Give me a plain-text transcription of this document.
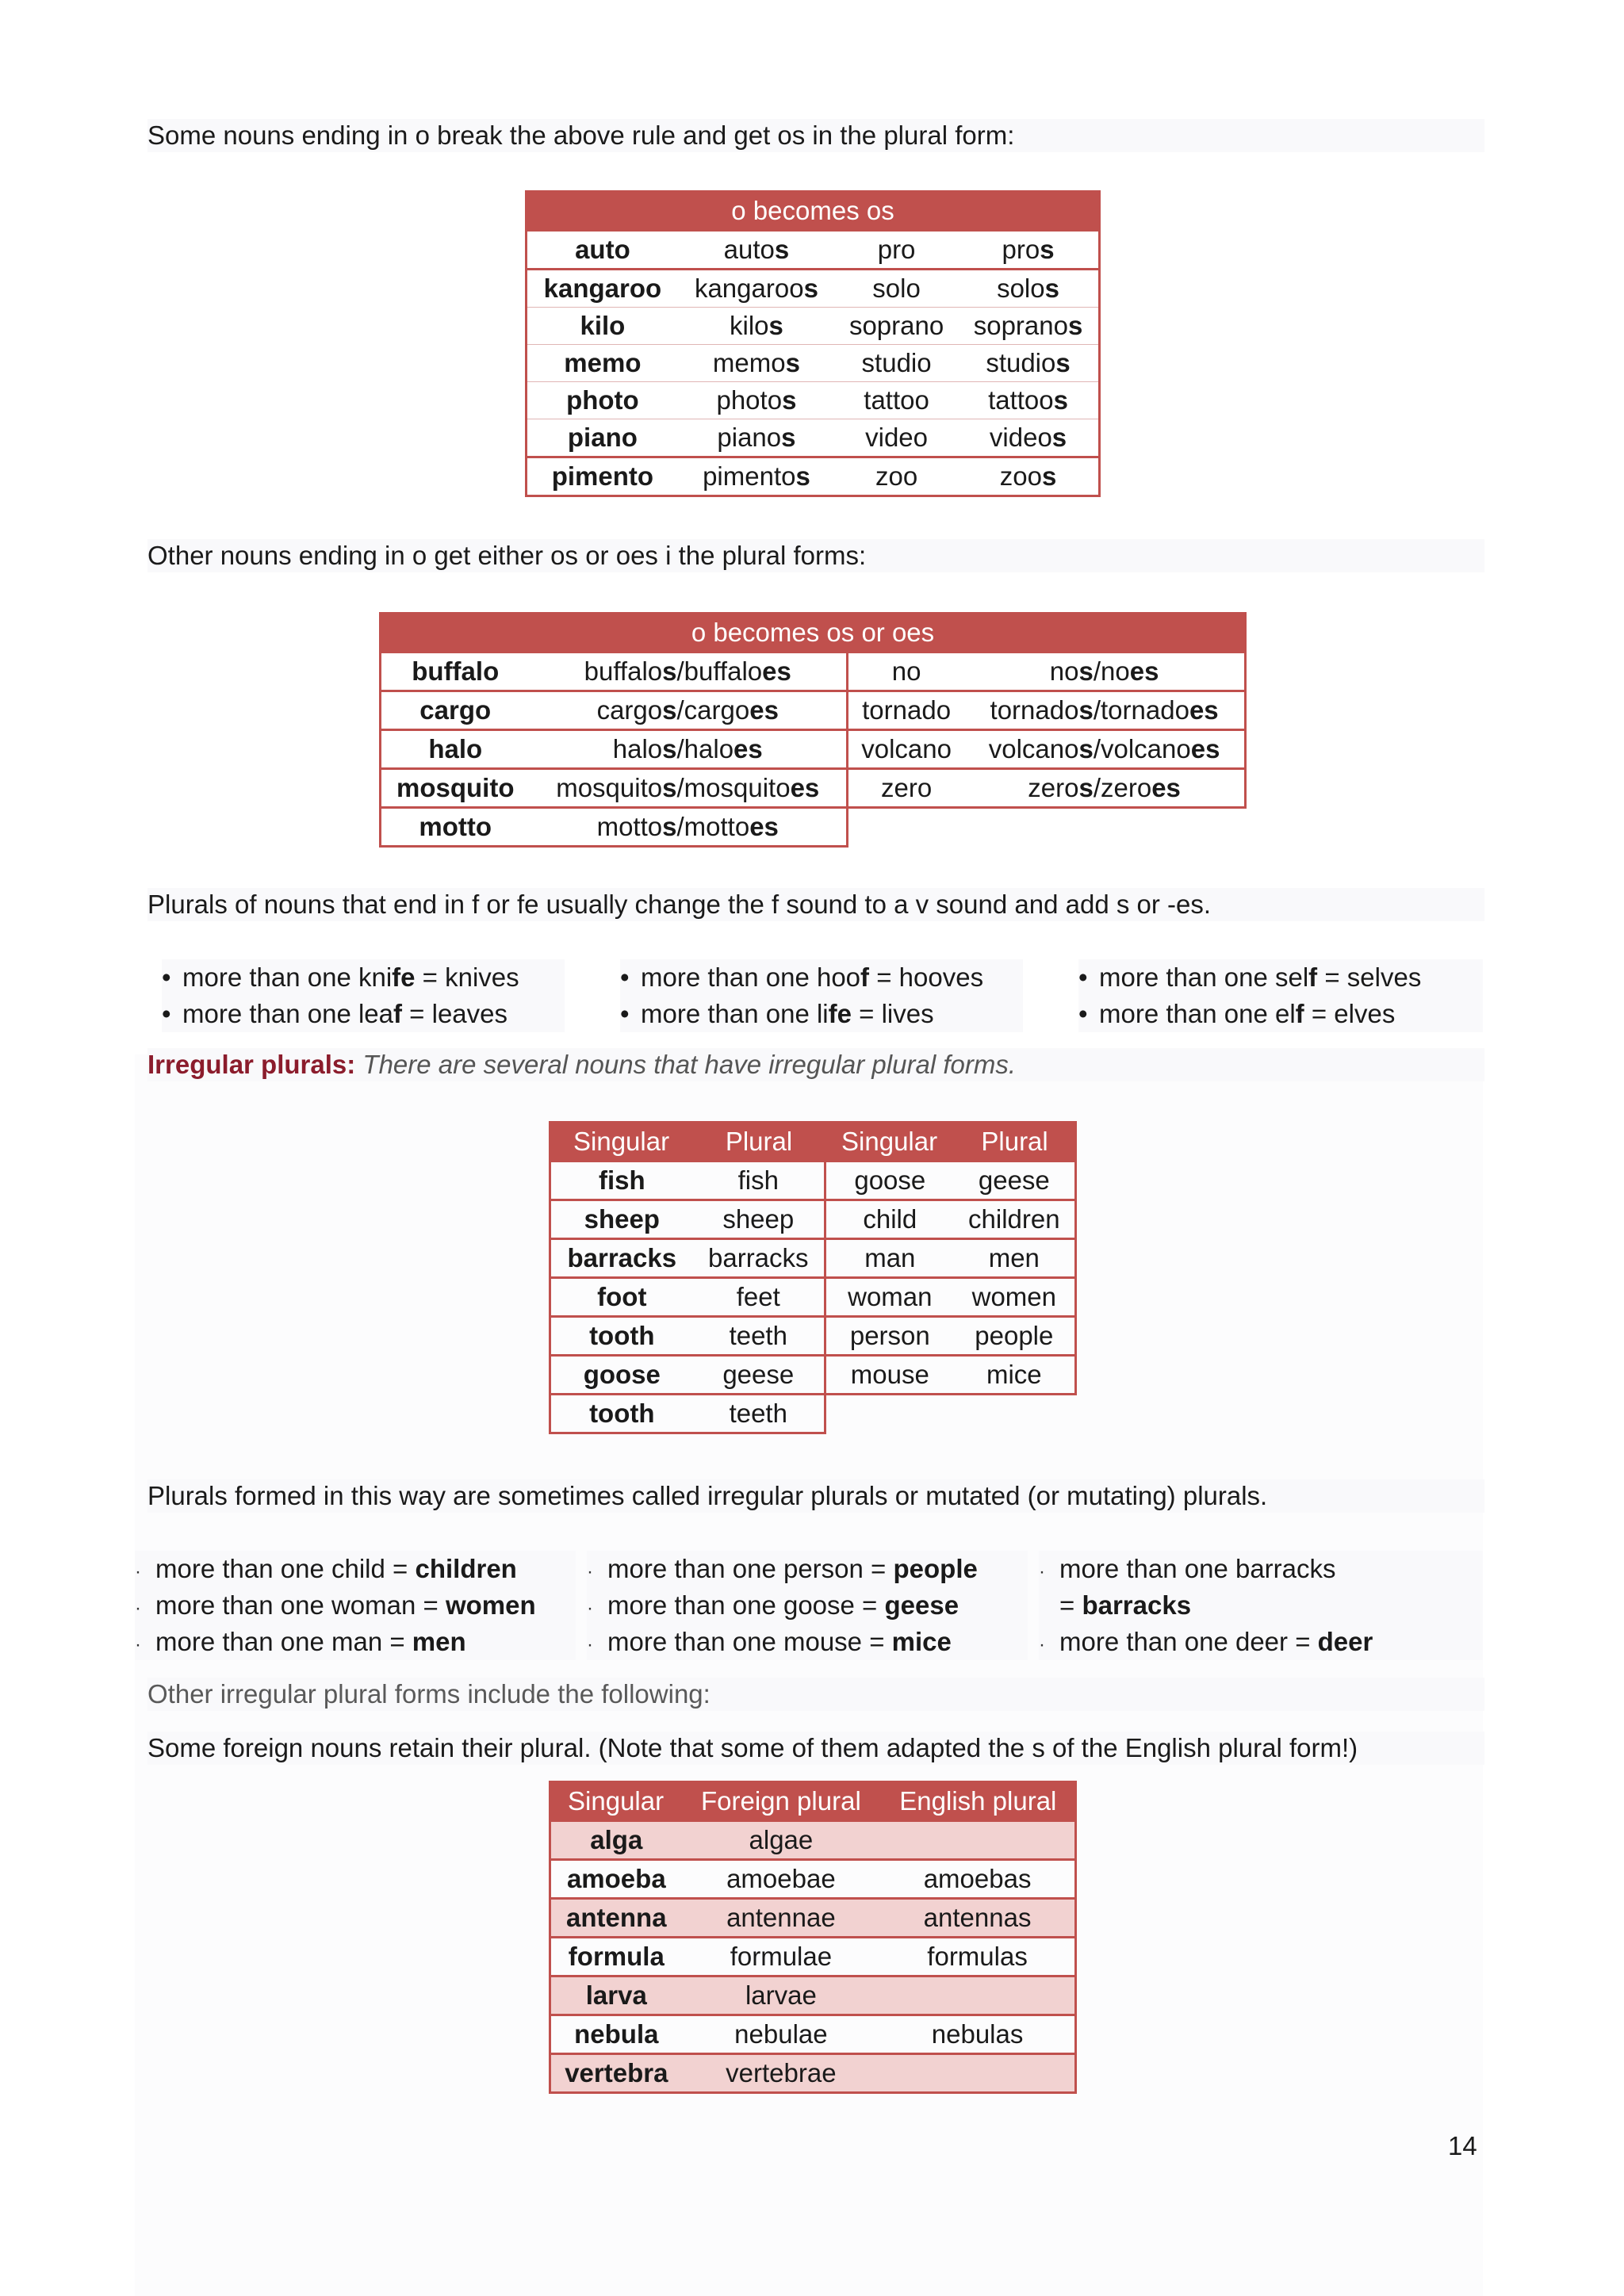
Some nouns ending in o break the above rule and get os in the plural form:
o becomes os			
auto	autos	pro	pros
kangaroo	kangaroos	solo	solos
kilo	kilos	soprano	sopranos
memo	memos	studio	studios
photo	photos	tattoo	tattoos
piano	pianos	video	videos
pimento	pimentos	zoo	zoos
Other nouns ending in o get either os or oes i the plural forms:
o becomes os or oes			
buffalo	buffalos/buffaloes	no	nos/noes
cargo	cargos/cargoes	tornado	tornados/tornadoes
halo	halos/haloes	volcano	volcanos/volcanoes
mosquito	mosquitos/mosquitoes	zero	zeros/zeroes
motto	mottos/mottoes		
Plurals of nouns that end in f or fe usually change the f sound to a v sound and add s or -es.
• more than one knife = knives
• more than one leaf = leaves
• more than one hoof = hooves
• more than one life = lives
• more than one self = selves
• more than one elf = elves
Irregular plurals: There are several nouns that have irregular plural forms.
Singular	Plural	Singular	Plural
fish	fish	goose	geese
sheep	sheep	child	children
barracks	barracks	man	men
foot	feet	woman	women
tooth	teeth	person	people
goose	geese	mouse	mice
tooth	teeth		
Plurals formed in this way are sometimes called irregular plurals or mutated (or mutating) plurals.
· more than one child = children
· more than one woman = women
· more than one man = men
· more than one person = people
· more than one goose = geese
· more than one mouse = mice
· more than one barracks
= barracks
· more than one deer = deer
Other irregular plural forms include the following:
Some foreign nouns retain their plural. (Note that some of them adapted the s of the English plural form!)
Singular	Foreign plural	English plural
alga	algae	
amoeba	amoebae	amoebas
antenna	antennae	antennas
formula	formulae	formulas
larva	larvae	
nebula	nebulae	nebulas
vertebra	vertebrae	
14
